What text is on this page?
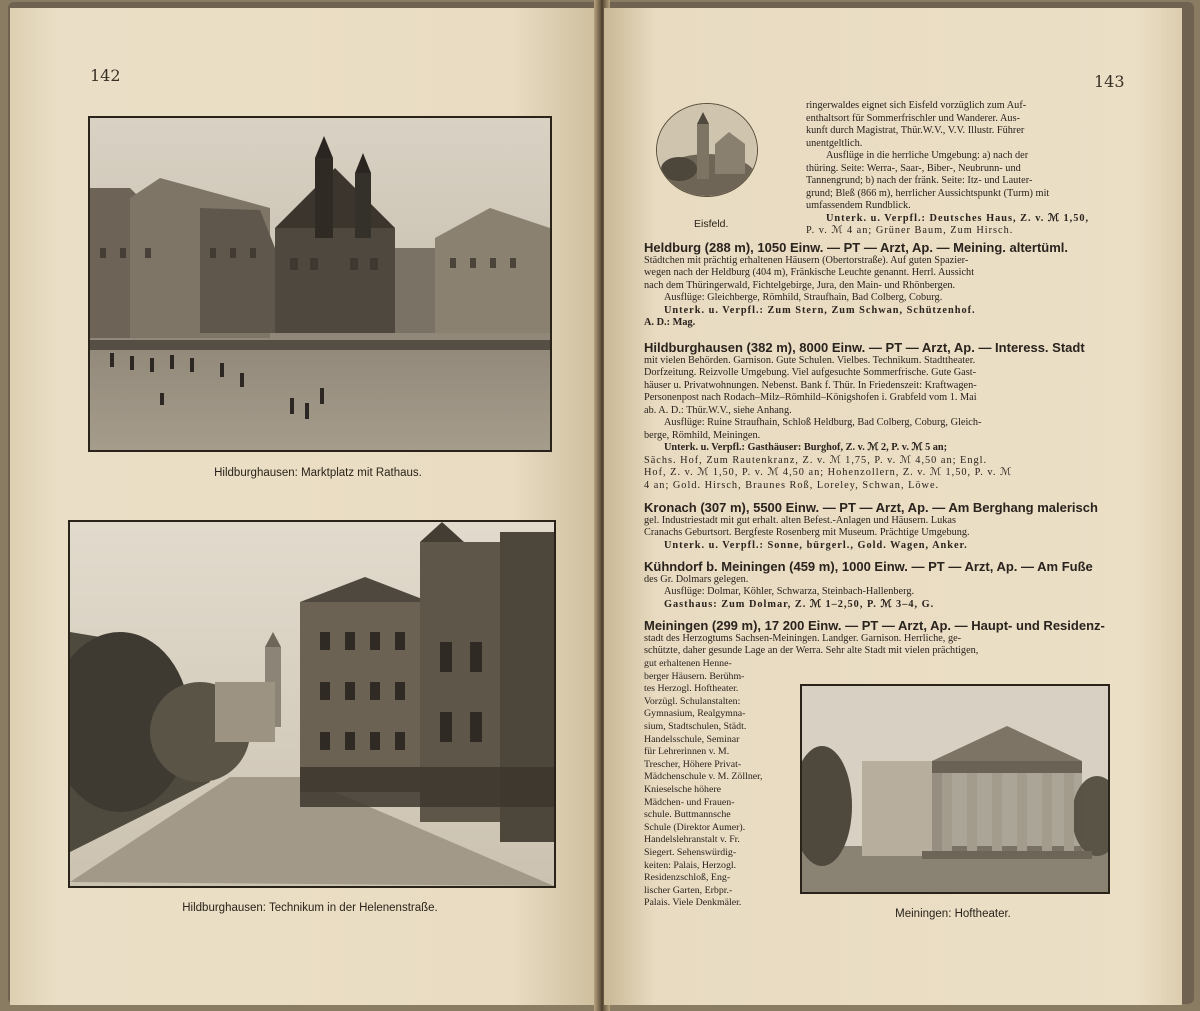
142
Hildburghausen: Marktplatz mit Rathaus.
Hildburghausen: Technikum in der Helenenstraße.
143
Eisfeld.
ringerwaldes eignet sich Eisfeld vorzüglich zum Auf-
enthaltsort für Sommerfrischler und Wanderer. Aus-
kunft durch Magistrat, Thür.W.V., V.V. Illustr. Führer
unentgeltlich.
Ausflüge in die herrliche Umgebung: a) nach der
thüring. Seite: Werra-, Saar-, Biber-, Neubrunn- und
Tannengrund; b) nach der fränk. Seite: Itz- und Lauter-
grund; Bleß (866 m), herrlicher Aussichtspunkt (Turm) mit
umfassendem Rundblick.
Unterk. u. Verpfl.: Deutsches Haus, Z. v. ℳ 1,50,
P. v. ℳ 4 an; Grüner Baum, Zum Hirsch.
Heldburg (288 m), 1050 Einw. — PT — Arzt, Ap. — Meining. altertüml.
Städtchen mit prächtig erhaltenen Häusern (Obertorstraße). Auf guten Spazier-
wegen nach der Heldburg (404 m), Fränkische Leuchte genannt. Herrl. Aussicht
nach dem Thüringerwald, Fichtelgebirge, Jura, den Main- und Rhönbergen.
Ausflüge: Gleichberge, Römhild, Straufhain, Bad Colberg, Coburg.
Unterk. u. Verpfl.: Zum Stern, Zum Schwan, Schützenhof.
A. D.: Mag.
Hildburghausen (382 m), 8000 Einw. — PT — Arzt, Ap. — Interess. Stadt
mit vielen Behörden. Garnison. Gute Schulen. Vielbes. Technikum. Stadttheater.
Dorfzeitung. Reizvolle Umgebung. Viel aufgesuchte Sommerfrische. Gute Gast-
häuser u. Privatwohnungen. Nebenst. Bank f. Thür. In Friedenszeit: Kraftwagen-
Personenpost nach Rodach–Milz–Römhild–Königshofen i. Grabfeld vom 1. Mai
ab. A. D.: Thür.W.V., siehe Anhang.
Ausflüge: Ruine Straufhain, Schloß Heldburg, Bad Colberg, Coburg, Gleich-
berge, Römhild, Meiningen.
Unterk. u. Verpfl.: Gasthäuser: Burghof, Z. v. ℳ 2, P. v. ℳ 5 an;
Sächs. Hof, Zum Rautenkranz, Z. v. ℳ 1,75, P. v. ℳ 4,50 an; Engl.
Hof, Z. v. ℳ 1,50, P. v. ℳ 4,50 an; Hohenzollern, Z. v. ℳ 1,50, P. v. ℳ
4 an; Gold. Hirsch, Braunes Roß, Loreley, Schwan, Löwe.
Kronach (307 m), 5500 Einw. — PT — Arzt, Ap. — Am Berghang malerisch
gel. Industriestadt mit gut erhalt. alten Befest.-Anlagen und Häusern. Lukas
Cranachs Geburtsort. Bergfeste Rosenberg mit Museum. Prächtige Umgebung.
Unterk. u. Verpfl.: Sonne, bürgerl., Gold. Wagen, Anker.
Kühndorf b. Meiningen (459 m), 1000 Einw. — PT — Arzt, Ap. — Am Fuße
des Gr. Dolmars gelegen.
Ausflüge: Dolmar, Köhler, Schwarza, Steinbach-Hallenberg.
Gasthaus: Zum Dolmar, Z. ℳ 1–2,50, P. ℳ 3–4, G.
Meiningen (299 m), 17 200 Einw. — PT — Arzt, Ap. — Haupt- und Residenz-
stadt des Herzogtums Sachsen-Meiningen. Landger. Garnison. Herrliche, ge-
schützte, daher gesunde Lage an der Werra. Sehr alte Stadt mit vielen prächtigen,
gut erhaltenen Henne-
berger Häusern. Berühm-
tes Herzogl. Hoftheater.
Vorzügl. Schulanstalten:
Gymnasium, Realgymna-
sium, Stadtschulen, Städt.
Handelsschule, Seminar
für Lehrerinnen v. M.
Trescher, Höhere Privat-
Mädchenschule v. M. Zöllner,
Knieselsche höhere
Mädchen- und Frauen-
schule. Buttmannsche
Schule (Direktor Aumer).
Handelslehranstalt v. Fr.
Siegert. Sehenswürdig-
keiten: Palais, Herzogl.
Residenzschloß, Eng-
lischer Garten, Erbpr.-
Palais. Viele Denkmäler.
Meiningen: Hoftheater.
